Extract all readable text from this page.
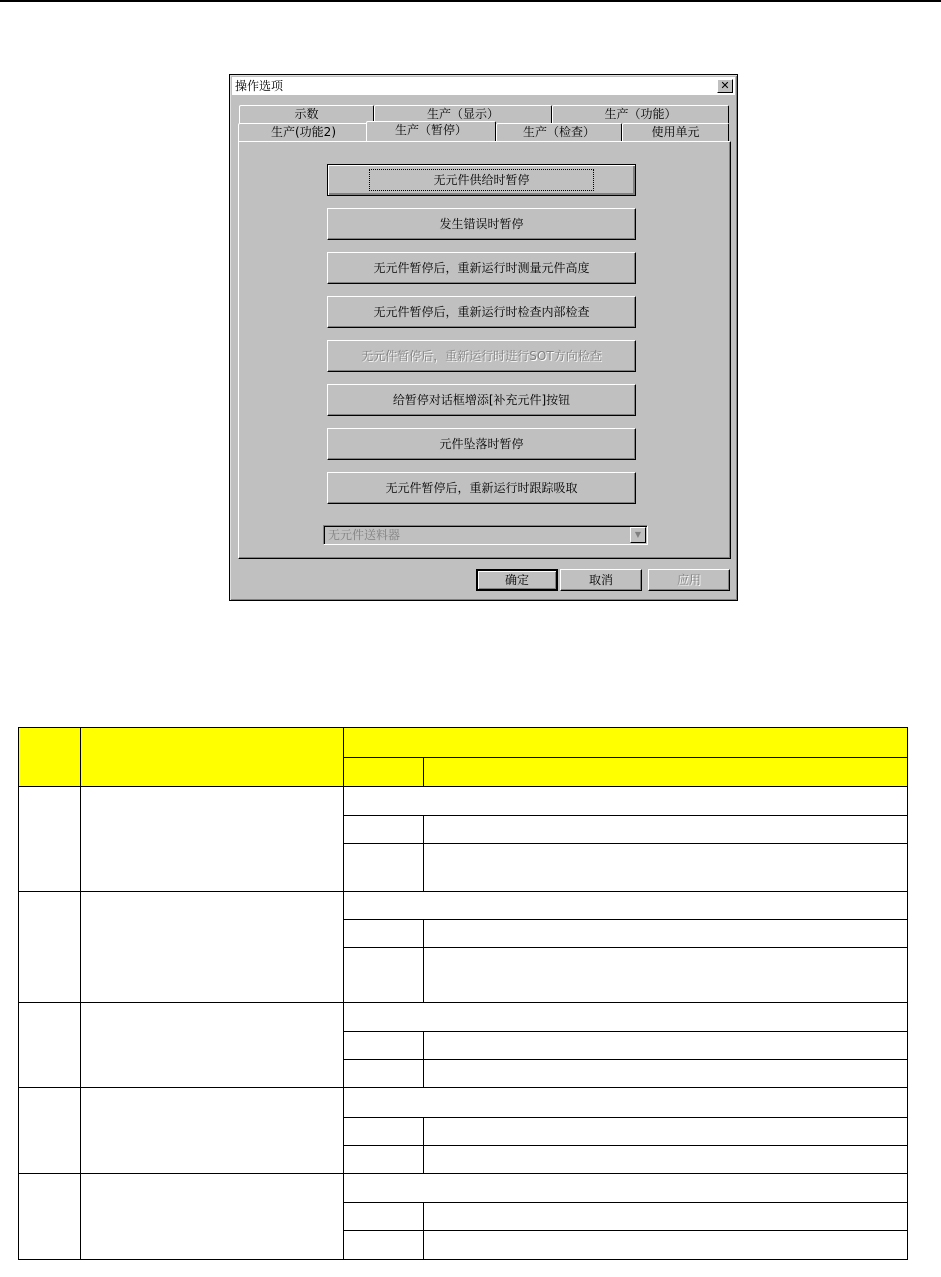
操作选项	✕
示数	生产（显示）	生产（功能）
生产(功能2)	生产（暂停）	生产（检查）	使用单元
无元件供给时暂停
发生错误时暂停
无元件暂停后，重新运行时测量元件高度
无元件暂停后，重新运行时检查内部检查
无元件暂停后，重新运行时进行SOT方向检查
给暂停对话框增添[补充元件]按钮
元件坠落时暂停
无元件暂停后，重新运行时跟踪吸取
无元件送料器	▼
确定	取消	应用
